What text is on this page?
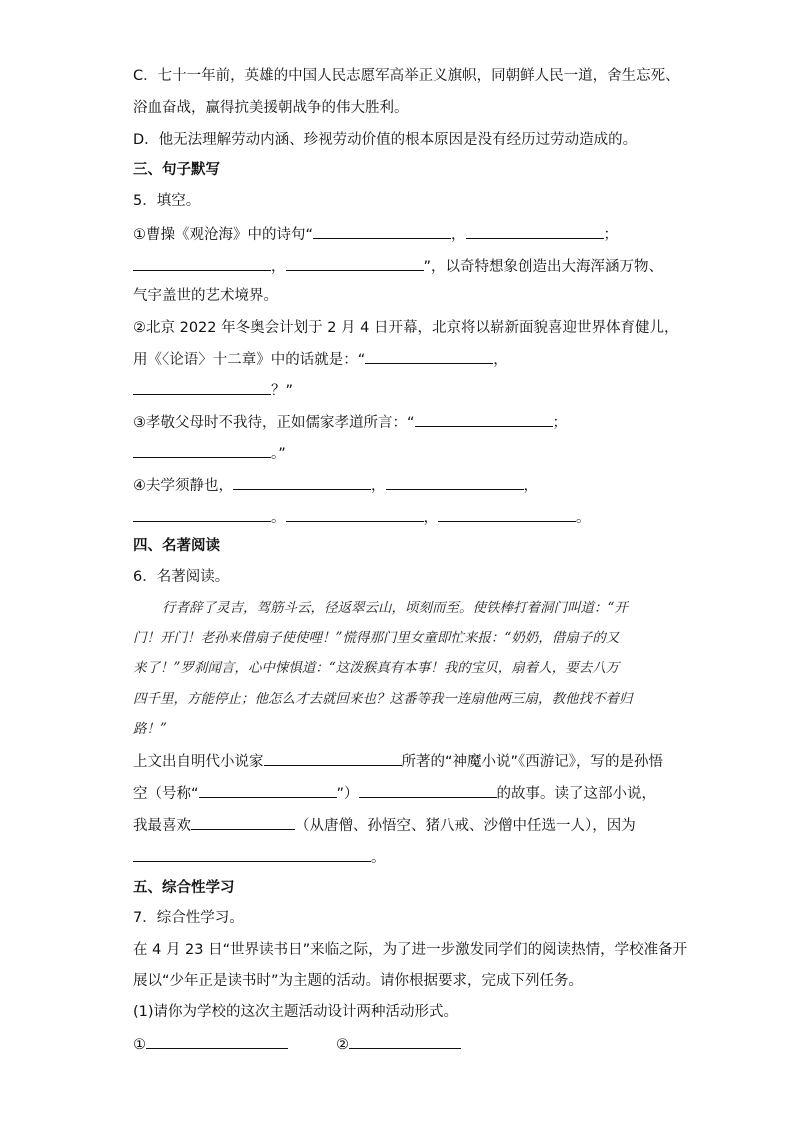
C．七十一年前，英雄的中国人民志愿军高举正义旗帜，同朝鲜人民一道，舍生忘死、
浴血奋战，赢得抗美援朝战争的伟大胜利。
D．他无法理解劳动内涵、珍视劳动价值的根本原因是没有经历过劳动造成的。
三、句子默写
5．填空。
①曹操《观沧海》中的诗句“	，	；
，	”，以奇特想象创造出大海浑涵万物、
气宇盖世的艺术境界。
②北京 2022 年冬奥会计划于 2 月 4 日开幕，北京将以崭新面貌喜迎世界体育健儿，
用《〈论语〉十二章》中的话就是：“	，
？”
③孝敬父母时不我待，正如儒家孝道所言：“	；
。”
④夫学须静也，	，	，
。	，	。
四、名著阅读
6．名著阅读。
行者辞了灵吉，驾筋斗云，径返翠云山，顷刻而至。使铁棒打着洞门叫道：“开
门！开门！老孙来借扇子使使哩！”慌得那门里女童即忙来报：“奶奶，借扇子的又
来了！”罗刹闻言，心中悚惧道：“这泼猴真有本事！我的宝贝，扇着人，要去八万
四千里，方能停止；他怎么才去就回来也？这番等我一连扇他两三扇，教他找不着归
路！”
上文出自明代小说家	所著的“神魔小说”《西游记》，写的是孙悟
空（号称“	”）	的故事。读了这部小说，
我最喜欢	（从唐僧、孙悟空、猪八戒、沙僧中任选一人），因为
。
五、综合性学习
7．综合性学习。
在 4 月 23 日“世界读书日”来临之际，为了进一步激发同学们的阅读热情，学校准备开
展以“少年正是读书时”为主题的活动。请你根据要求，完成下列任务。
(1)请你为学校的这次主题活动设计两种活动形式。
①	②
